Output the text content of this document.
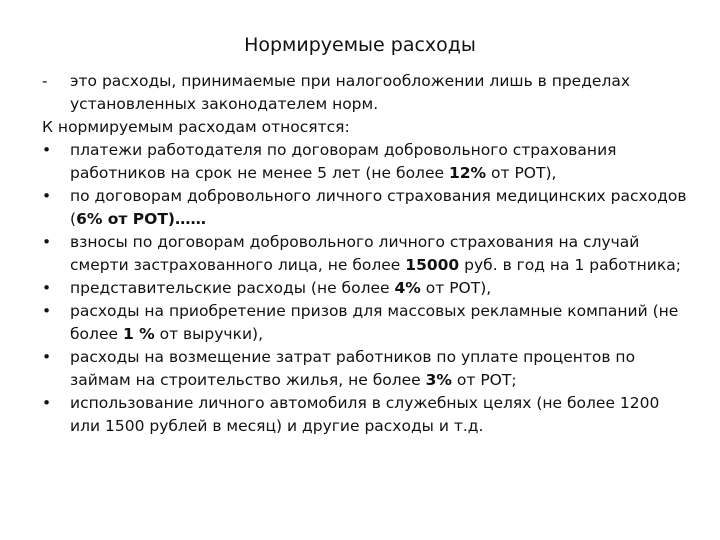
Нормируемые расходы
-	это расходы, принимаемые при налогообложении лишь в пределах установленных законодателем норм.
К нормируемым расходам относятся:
•	платежи работодателя по договорам добровольного страхования работников на срок не менее 5 лет (не более 12% от РОТ),
•	по договорам добровольного личного страхования медицинских расходов (6% от РОТ)……
•	взносы по договорам добровольного личного страхования на случай смерти застрахованного лица, не более 15000 руб. в год на 1 работника;
•	представительские расходы (не более 4% от РОТ),
•	расходы на приобретение призов для массовых рекламные компаний (не более 1 % от выручки),
•	расходы на возмещение затрат работников по уплате процентов по займам на строительство жилья, не более 3% от РОТ;
•	использование личного автомобиля в служебных целях (не более 1200 или 1500 рублей в месяц) и другие расходы и т.д.
